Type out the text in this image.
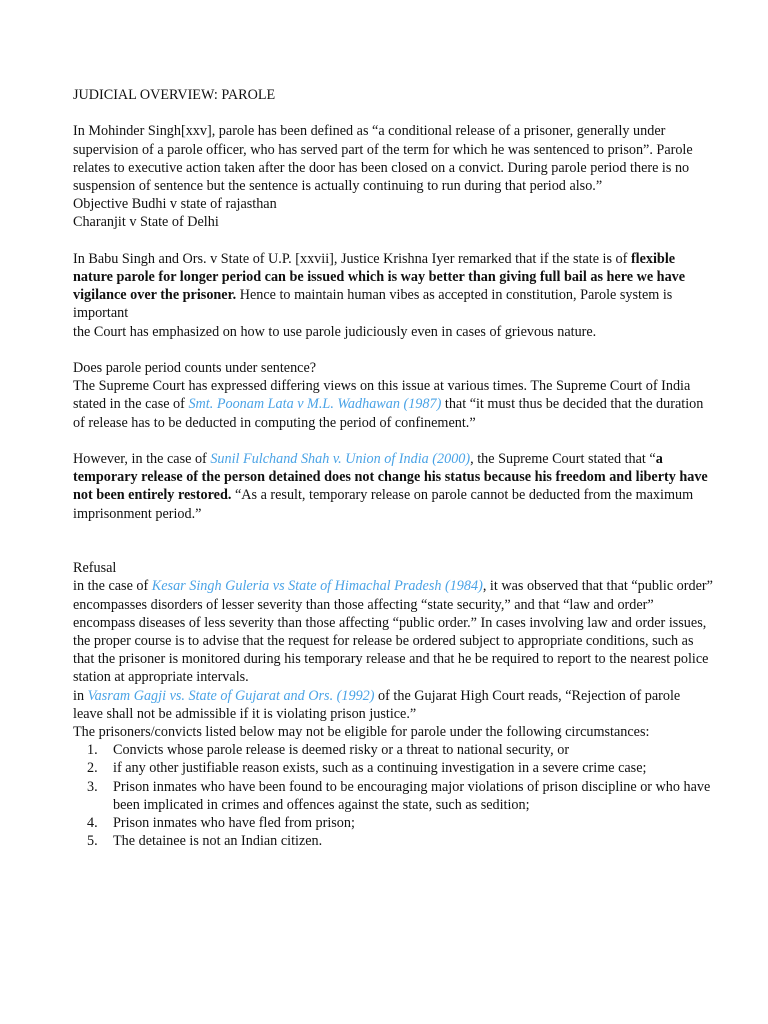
JUDICIAL OVERVIEW: PAROLE

In Mohinder Singh[xxv], parole has been defined as “a conditional release of a prisoner, generally under supervision of a parole officer, who has served part of the term for which he was sentenced to prison”. Parole relates to executive action taken after the door has been closed on a convict. During parole period there is no suspension of sentence but the sentence is actually continuing to run during that period also.”

Objective Budhi v state of rajasthan

Charanjit v State of Delhi

In Babu Singh and Ors. v State of U.P. [xxvii], Justice Krishna Iyer remarked that if the state is of flexible nature parole for longer period can be issued which is way better than giving full bail as here we have vigilance over the prisoner. Hence to maintain human vibes as accepted in constitution, Parole system is important

the Court has emphasized on how to use parole judiciously even in cases of grievous nature.

Does parole period counts under sentence?

The Supreme Court has expressed differing views on this issue at various times. The Supreme Court of India stated in the case of Smt. Poonam Lata v M.L. Wadhawan (1987) that “it must thus be decided that the duration of release has to be deducted in computing the period of confinement.”

However, in the case of Sunil Fulchand Shah v. Union of India (2000), the Supreme Court stated that “a temporary release of the person detained does not change his status because his freedom and liberty have not been entirely restored. “As a result, temporary release on parole cannot be deducted from the maximum imprisonment period.”

Refusal

in the case of Kesar Singh Guleria vs State of Himachal Pradesh (1984), it was observed that that “public order” encompasses disorders of lesser severity than those affecting “state security,” and that “law and order” encompass diseases of less severity than those affecting “public order.” In cases involving law and order issues, the proper course is to advise that the request for release be ordered subject to appropriate conditions, such as that the prisoner is monitored during his temporary release and that he be required to report to the nearest police station at appropriate intervals.

in Vasram Gagji vs. State of Gujarat and Ors. (1992) of the Gujarat High Court reads, “Rejection of parole leave shall not be admissible if it is violating prison justice.”

The prisoners/convicts listed below may not be eligible for parole under the following circumstances:

1. Convicts whose parole release is deemed risky or a threat to national security, or
2. if any other justifiable reason exists, such as a continuing investigation in a severe crime case;
3. Prison inmates who have been found to be encouraging major violations of prison discipline or who have been implicated in crimes and offences against the state, such as sedition;
4. Prison inmates who have fled from prison;
5. The detainee is not an Indian citizen.
